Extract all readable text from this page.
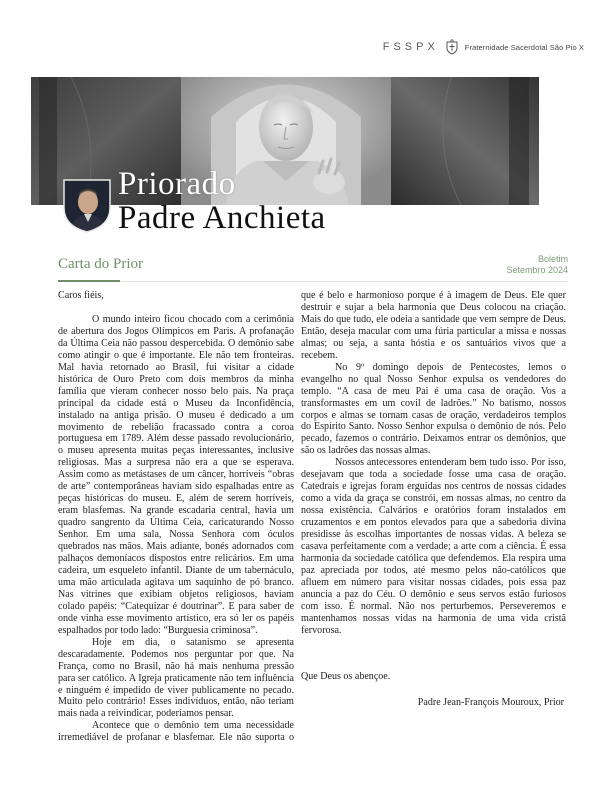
FSSPX	Fraternidade Sacerdotal São Pio X
Priorado
Padre Anchieta
Carta do Prior	Boletim
Setembro 2024

Caros fiéis,

O mundo inteiro ficou chocado com a cerimônia de abertura dos Jogos Olímpicos em Paris. A profanação da Última Ceia não passou despercebida. O demônio sabe como atingir o que é importante. Ele não tem fronteiras. Mal havia retornado ao Brasil, fui visitar a cidade histórica de Ouro Preto com dois membros da minha família que vieram conhecer nosso belo país. Na praça principal da cidade está o Museu da Inconfidência, instalado na antiga prisão. O museu é dedicado a um movimento de rebelião fracassado contra a coroa portuguesa em 1789. Além desse passado revolucionário, o museu apresenta muitas peças interessantes, inclusive religiosas. Mas a surpresa não era a que se esperava. Assim como as metástases de um câncer, horríveis “obras de arte” contemporâneas haviam sido espalhadas entre as peças históricas do museu. E, além de serem horríveis, eram blasfemas. Na grande escadaria central, havia um quadro sangrento da Última Ceia, caricaturando Nosso Senhor. Em uma sala, Nossa Senhora com óculos quebrados nas mãos. Mais adiante, bonés adornados com palhaços demoníacos dispostos entre relicários. Em uma cadeira, um esqueleto infantil. Diante de um tabernáculo, uma mão articulada agitava um saquinho de pó branco. Nas vitrines que exibiam objetos religiosos, haviam colado papéis: “Catequizar é doutrinar”. E para saber de onde vinha esse movimento artístico, era só ler os papéis espalhados por todo lado: “Burguesia criminosa”.

Hoje em dia, o satanismo se apresenta descaradamente. Podemos nos perguntar por que. Na França, como no Brasil, não há mais nenhuma pressão para ser católico. A Igreja praticamente não tem influência e ninguém é impedido de viver publicamente no pecado. Muito pelo contrário! Esses indivíduos, então, não teriam mais nada a reivindicar, poderíamos pensar.

Acontece que o demônio tem uma necessidade irremediável de profanar e blasfemar. Ele não suporta o

que é belo e harmonioso porque é à imagem de Deus. Ele quer destruir e sujar a bela harmonia que Deus colocou na criação. Mais do que tudo, ele odeia a santidade que vem sempre de Deus. Então, deseja macular com uma fúria particular a missa e nossas almas; ou seja, a santa hóstia e os santuários vivos que a recebem.

No 9º domingo depois de Pentecostes, lemos o evangelho no qual Nosso Senhor expulsa os vendedores do templo. “A casa de meu Pai é uma casa de oração. Vos a transformastes em um covil de ladrões.” No batismo, nossos corpos e almas se tornam casas de oração, verdadeiros templos do Espírito Santo. Nosso Senhor expulsa o demônio de nós. Pelo pecado, fazemos o contrário. Deixamos entrar os demônios, que são os ladrões das nossas almas.

Nossos antecessores entenderam bem tudo isso. Por isso, desejavam que toda a sociedade fosse uma casa de oração. Catedrais e igrejas foram erguidas nos centros de nossas cidades como a vida da graça se constrói, em nossas almas, no centro da nossa existência. Calvários e oratórios foram instalados em cruzamentos e em pontos elevados para que a sabedoria divina presidisse às escolhas importantes de nossas vidas. A beleza se casava perfeitamente com a verdade; a arte com a ciência. É essa harmonia da sociedade católica que defendemos. Ela respira uma paz apreciada por todos, até mesmo pelos não-católicos que afluem em número para visitar nossas cidades, pois essa paz anuncia a paz do Céu. O demônio e seus servos estão furiosos com isso. É normal. Não nos perturbemos. Perseveremos e mantenhamos nossas vidas na harmonia de uma vida cristã fervorosa.

Que Deus os abençoe.

Padre Jean-François Mouroux, Prior
